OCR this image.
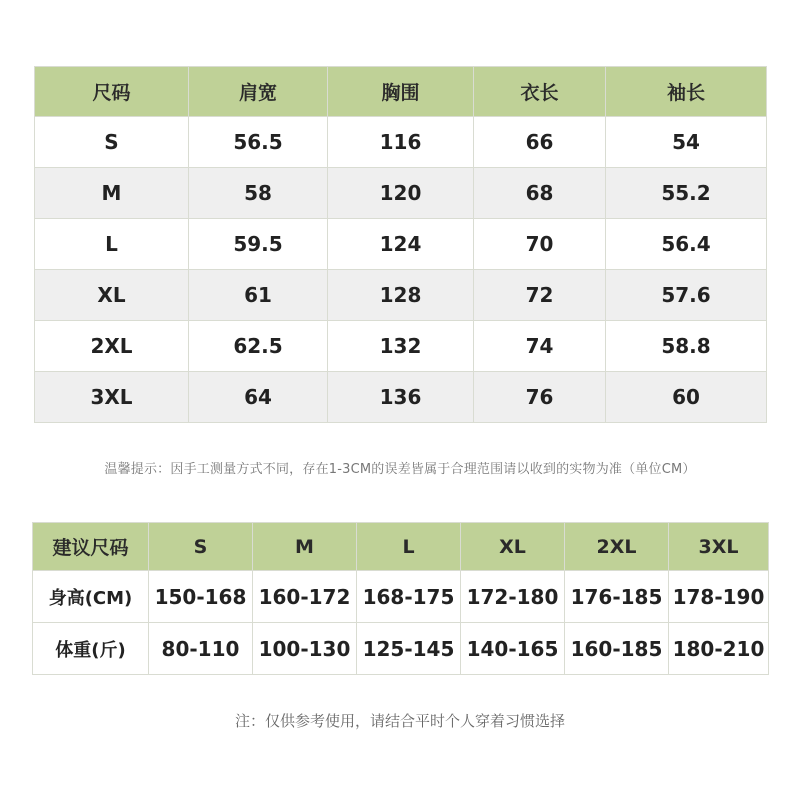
尺码	肩宽	胸围	衣长	袖长
S	56.5	116	66	54
M	58	120	68	55.2
L	59.5	124	70	56.4
XL	61	128	72	57.6
2XL	62.5	132	74	58.8
3XL	64	136	76	60
温馨提示：因手工测量方式不同，存在1-3CM的误差皆属于合理范围请以收到的实物为准（单位CM）
建议尺码	S	M	L	XL	2XL	3XL
身高(CM)	150-168	160-172	168-175	172-180	176-185	178-190
体重(斤)	80-110	100-130	125-145	140-165	160-185	180-210
注：仅供参考使用，请结合平时个人穿着习惯选择
